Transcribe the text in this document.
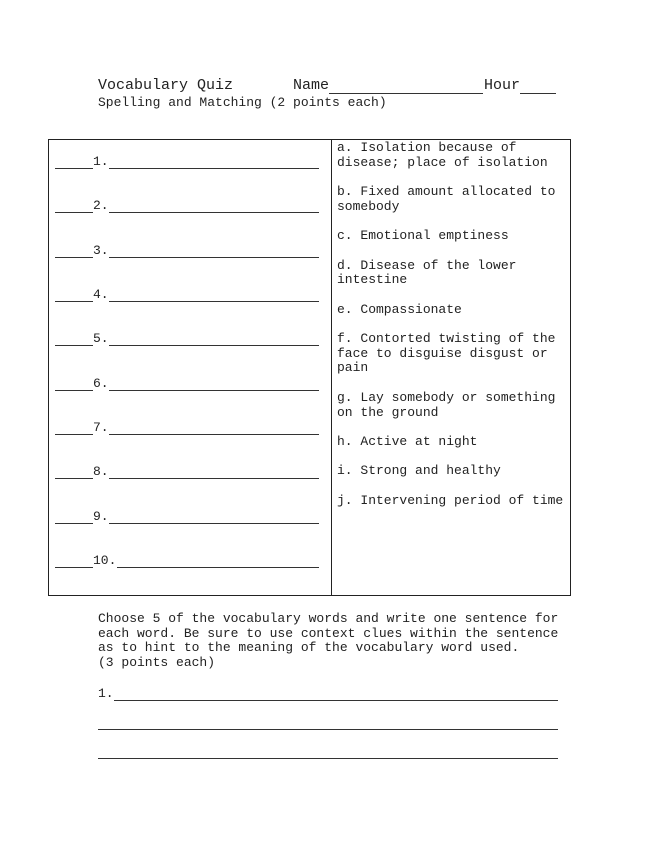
Vocabulary Quiz	Name	Hour
Spelling and Matching (2 points each)
1.
2.
3.
4.
5.
6.
7.
8.
9.
10.
a. Isolation because of disease; place of isolation
b. Fixed amount allocated to somebody
c. Emotional emptiness
d. Disease of the lower intestine
e. Compassionate
f. Contorted twisting of the face to disguise disgust or pain
g. Lay somebody or something on the ground
h. Active at night
i. Strong and healthy
j. Intervening period of time
Choose 5 of the vocabulary words and write one sentence for each word. Be sure to use context clues within the sentence as to hint to the meaning of the vocabulary word used.
(3 points each)
1.
